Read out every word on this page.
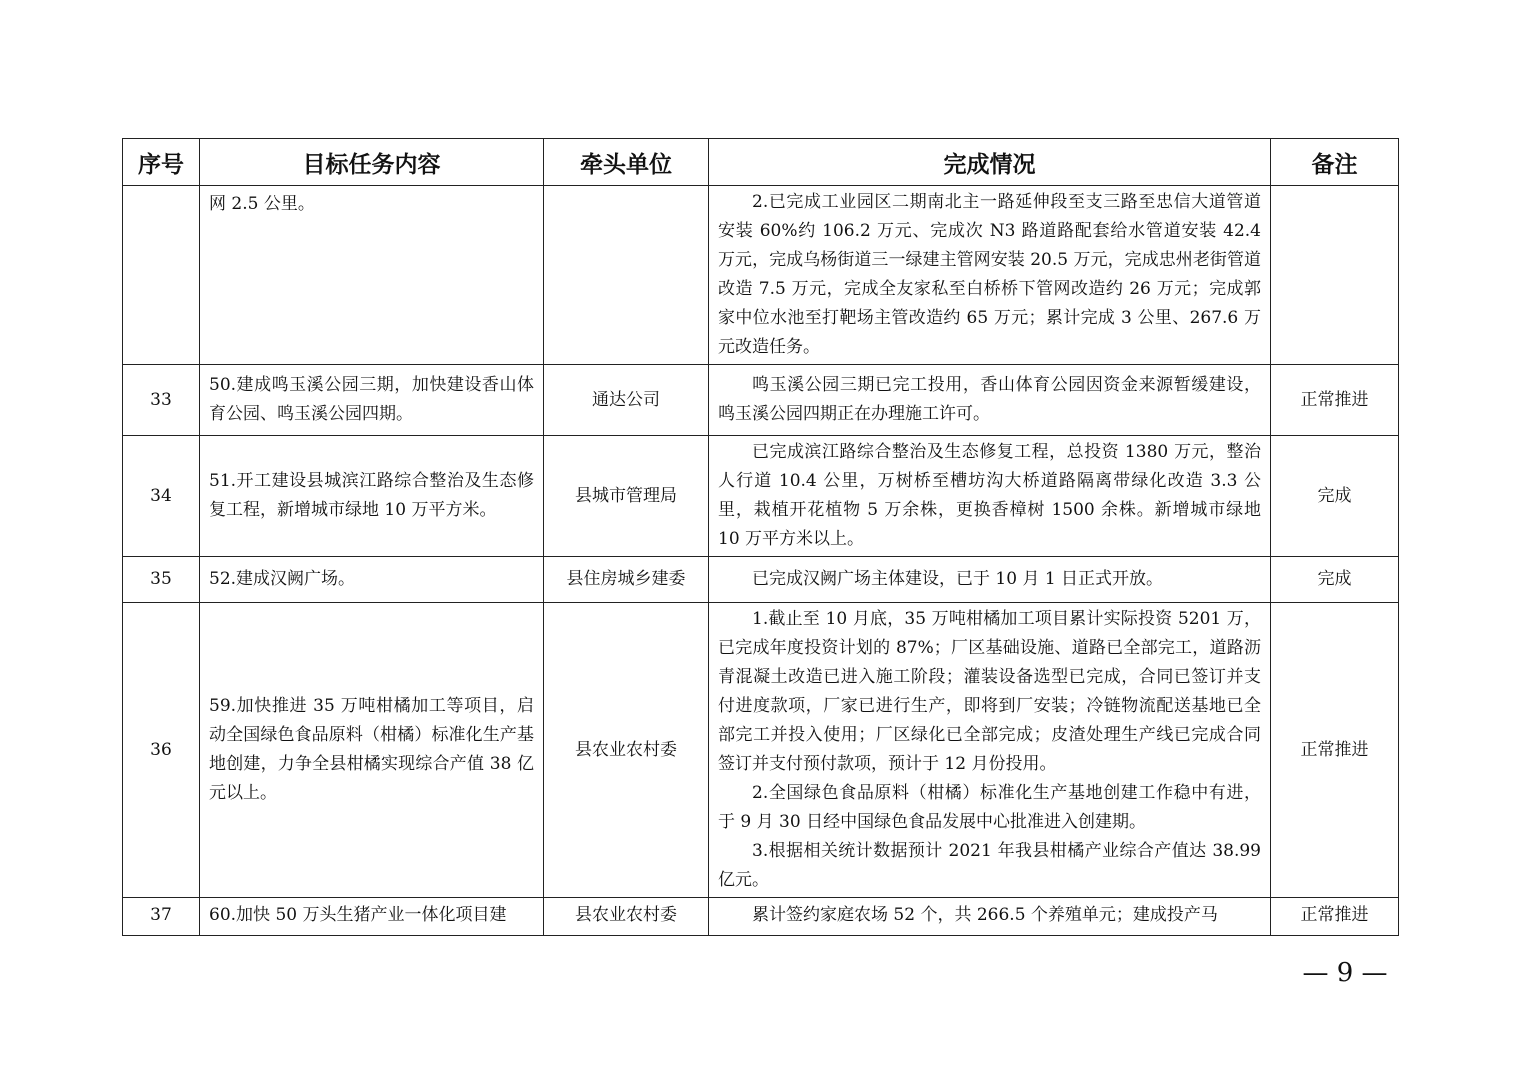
序号	目标任务内容	牵头单位	完成情况	备注
	网 2.5 公里。		2.已完成工业园区二期南北主一路延伸段至支三路至忠信大道管道安装 60%约 106.2 万元、完成次 N3 路道路配套给水管道安装 42.4 万元，完成乌杨街道三一绿建主管网安装 20.5 万元，完成忠州老街管道改造 7.5 万元，完成全友家私至白桥桥下管网改造约 26 万元；完成郭家中位水池至打靶场主管改造约 65 万元；累计完成 3 公里、267.6 万元改造任务。	

33	50.建成鸣玉溪公园三期，加快建设香山体育公园、鸣玉溪公园四期。	通达公司	鸣玉溪公园三期已完工投用，香山体育公园因资金来源暂缓建设，鸣玉溪公园四期正在办理施工许可。	正常推进
34	51.开工建设县城滨江路综合整治及生态修复工程，新增城市绿地 10 万平方米。	县城市管理局	已完成滨江路综合整治及生态修复工程，总投资 1380 万元，整治人行道 10.4 公里，万树桥至槽坊沟大桥道路隔离带绿化改造 3.3 公里，栽植开花植物 5 万余株，更换香樟树 1500 余株。新增城市绿地 10 万平方米以上。	完成
35	52.建成汉阙广场。	县住房城乡建委	已完成汉阙广场主体建设，已于 10 月 1 日正式开放。	完成
36	59.加快推进 35 万吨柑橘加工等项目，启动全国绿色食品原料（柑橘）标准化生产基地创建，力争全县柑橘实现综合产值 38 亿元以上。	县农业农村委	1.截止至 10 月底，35 万吨柑橘加工项目累计实际投资 5201 万，已完成年度投资计划的 87%；厂区基础设施、道路已全部完工，道路沥青混凝土改造已进入施工阶段；灌装设备选型已完成，合同已签订并支付进度款项，厂家已进行生产，即将到厂安装；冷链物流配送基地已全部完工并投入使用；厂区绿化已全部完成；皮渣处理生产线已完成合同签订并支付预付款项，预计于 12 月份投用。
2.全国绿色食品原料（柑橘）标准化生产基地创建工作稳中有进，于 9 月 30 日经中国绿色食品发展中心批准进入创建期。
3.根据相关统计数据预计 2021 年我县柑橘产业综合产值达 38.99 亿元。	正常推进
37	60.加快 50 万头生猪产业一体化项目建	县农业农村委	累计签约家庭农场 52 个，共 266.5 个养殖单元；建成投产马	正常推进
— 9 —
